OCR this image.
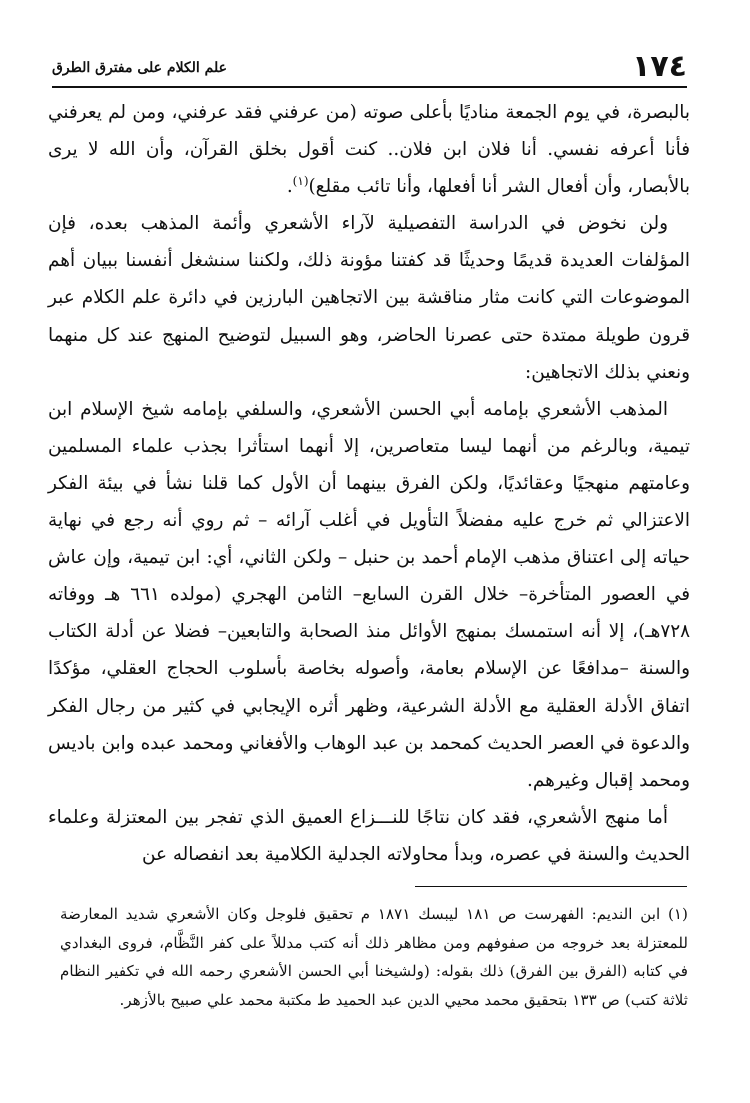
١٧٤
علم الكلام على مفترق الطرق

بالبصرة، في يوم الجمعة مناديًا بأعلى صوته (من عرفني فقد عرفني، ومن لم يعرفني فأنا أعرفه نفسي. أنا فلان ابن فلان.. كنت أقول بخلق القرآن، وأن الله لا يرى بالأبصار، وأن أفعال الشر أنا أفعلها، وأنا تائب مقلع)$^{(١)}$.

ولن نخوض في الدراسة التفصيلية لآراء الأشعري وأئمة المذهب بعده، فإن المؤلفات العديدة قديمًا وحديثًا قد كفتنا مؤونة ذلك، ولكننا سنشغل أنفسنا ببيان أهم الموضوعات التي كانت مثار مناقشة بين الاتجاهين البارزين في دائرة علم الكلام عبر قرون طويلة ممتدة حتى عصرنا الحاضر، وهو السبيل لتوضيح المنهج عند كل منهما ونعني بذلك الاتجاهين:

المذهب الأشعري بإمامه أبي الحسن الأشعري، والسلفي بإمامه شيخ الإسلام ابن تيمية، وبالرغم من أنهما ليسا متعاصرين، إلا أنهما استأثرا بجذب علماء المسلمين وعامتهم منهجيًا وعقائديًا، ولكن الفرق بينهما أن الأول كما قلنا نشأ في بيئة الفكر الاعتزالي ثم خرج عليه مفضلاً التأويل في أغلب آرائه – ثم روي أنه رجع في نهاية حياته إلى اعتناق مذهب الإمام أحمد بن حنبل – ولكن الثاني، أي: ابن تيمية، وإن عاش في العصور المتأخرة– خلال القرن السابع– الثامن الهجري (مولده ٦٦١ هـ ووفاته ٧٢٨هـ)، إلا أنه استمسك بمنهج الأوائل منذ الصحابة والتابعين– فضلا عن أدلة الكتاب والسنة –مدافعًا عن الإسلام بعامة، وأصوله بخاصة بأسلوب الحجاج العقلي، مؤكدًا اتفاق الأدلة العقلية مع الأدلة الشرعية، وظهر أثره الإيجابي في كثير من رجال الفكر والدعوة في العصر الحديث كمحمد بن عبد الوهاب والأفغاني ومحمد عبده وابن باديس ومحمد إقبال وغيرهم.

أما منهج الأشعري، فقد كان نتاجًا للنـــزاع العميق الذي تفجر بين المعتزلة وعلماء الحديث والسنة في عصره، وبدأ محاولاته الجدلية الكلامية بعد انفصاله عن

(١) ابن النديم: الفهرست ص ١٨١ ليبسك ١٨٧١ م تحقيق فلوجل وكان الأشعري شديد المعارضة للمعتزلة بعد خروجه من صفوفهم ومن مظاهر ذلك أنه كتب مدللاً على كفر النَّظَّام، فروى البغدادي في كتابه (الفرق بين الفرق) ذلك بقوله: (ولشيخنا أبي الحسن الأشعري رحمه الله في تكفير النظام ثلاثة كتب) ص ١٣٣ بتحقيق محمد محيي الدين عبد الحميد ط مكتبة محمد علي صبيح بالأزهر.
